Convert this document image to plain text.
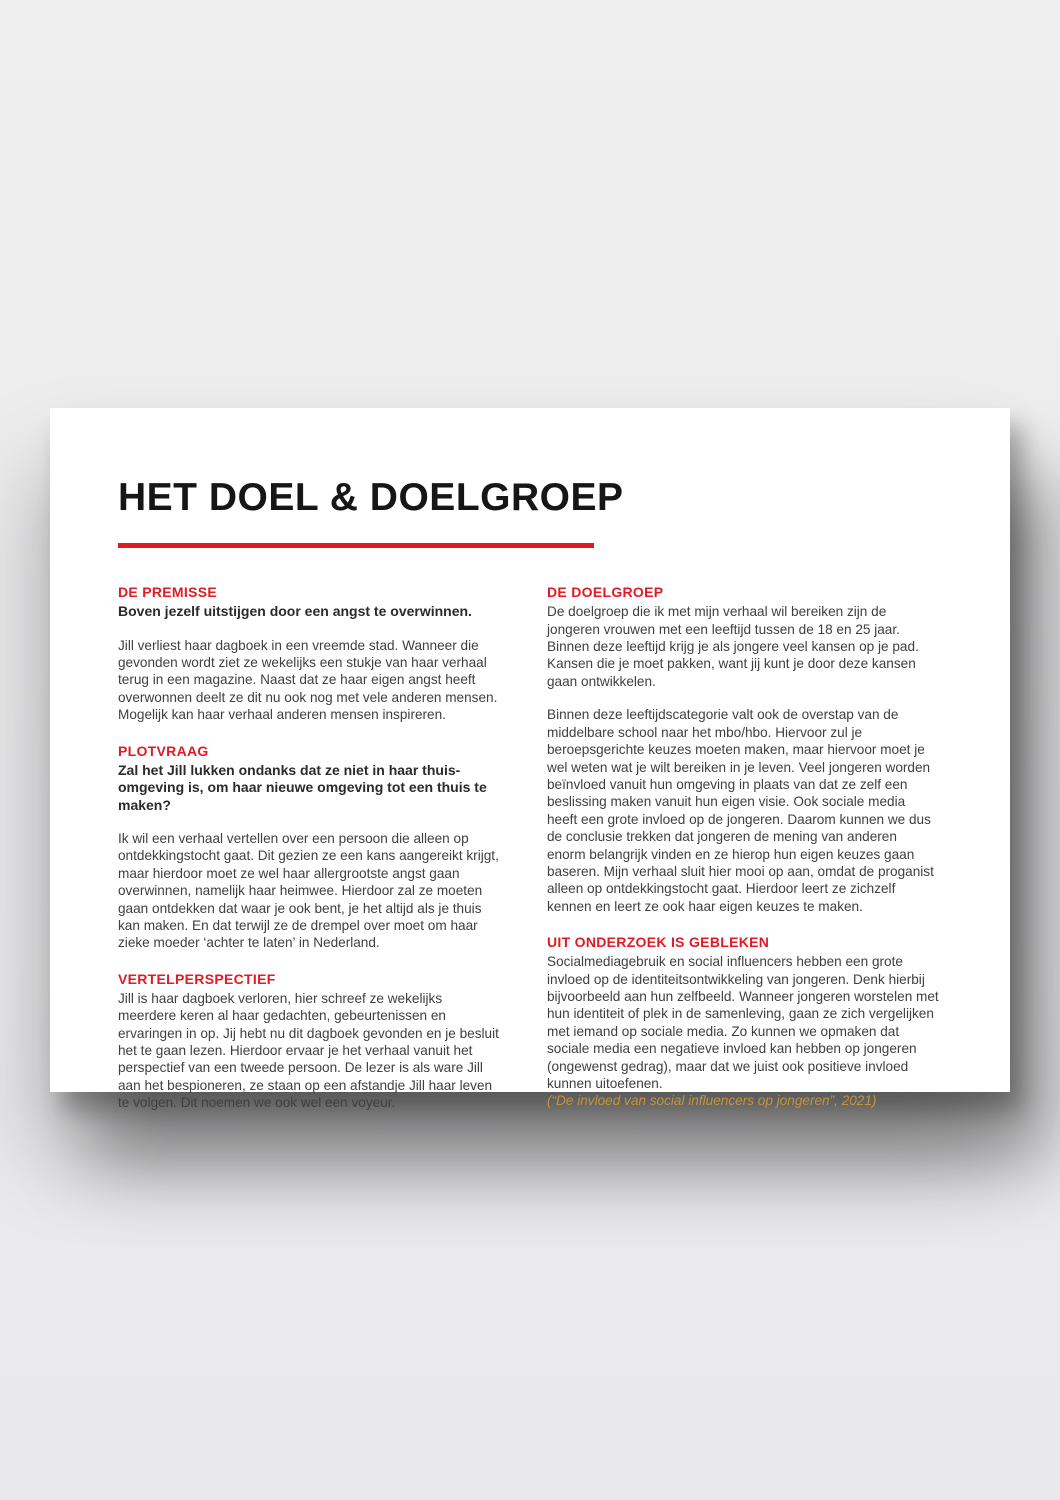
HET DOEL & DOELGROEP
DE PREMISSE

Boven jezelf uitstijgen door een angst te overwinnen.

Jill verliest haar dagboek in een vreemde stad. Wanneer die gevonden wordt ziet ze wekelijks een stukje van haar verhaal terug in een magazine. Naast dat ze haar eigen angst heeft overwonnen deelt ze dit nu ook nog met vele anderen mensen. Mogelijk kan haar verhaal anderen mensen inspireren.

PLOTVRAAG

Zal het Jill lukken ondanks dat ze niet in haar thuis-omgeving is, om haar nieuwe omgeving tot een thuis te maken?

Ik wil een verhaal vertellen over een persoon die alleen op ontdekkingstocht gaat. Dit gezien ze een kans aangereikt krijgt, maar hierdoor moet ze wel haar allergrootste angst gaan overwinnen, namelijk haar heimwee. Hierdoor zal ze moeten gaan ontdekken dat waar je ook bent, je het altijd als je thuis kan maken. En dat terwijl ze de drempel over moet om haar zieke moeder ‘achter te laten’ in Nederland.

VERTELPERSPECTIEF

Jill is haar dagboek verloren, hier schreef ze wekelijks meerdere keren al haar gedachten, gebeurtenissen en ervaringen in op. Jij hebt nu dit dagboek gevonden en je besluit het te gaan lezen. Hierdoor ervaar je het verhaal vanuit het perspectief van een tweede persoon. De lezer is als ware Jill aan het bespioneren, ze staan op een afstandje Jill haar leven te volgen. Dit noemen we ook wel een voyeur.

DE DOELGROEP

De doelgroep die ik met mijn verhaal wil bereiken zijn de jongeren vrouwen met een leeftijd tussen de 18 en 25 jaar. Binnen deze leeftijd krijg je als jongere veel kansen op je pad. Kansen die je moet pakken, want jij kunt je door deze kansen gaan ontwikkelen.

Binnen deze leeftijdscategorie valt ook de overstap van de middelbare school naar het mbo/hbo. Hiervoor zul je beroepsgerichte keuzes moeten maken, maar hiervoor moet je wel weten wat je wilt bereiken in je leven. Veel jongeren worden beïnvloed vanuit hun omgeving in plaats van dat ze zelf een beslissing maken vanuit hun eigen visie. Ook sociale media heeft een grote invloed op de jongeren. Daarom kunnen we dus de conclusie trekken dat jongeren de mening van anderen enorm belangrijk vinden en ze hierop hun eigen keuzes gaan baseren. Mijn verhaal sluit hier mooi op aan, omdat de proganist alleen op ontdekkingstocht gaat. Hierdoor leert ze zichzelf kennen en leert ze ook haar eigen keuzes te maken.

UIT ONDERZOEK IS GEBLEKEN

Socialmediagebruik en social influencers hebben een grote invloed op de identiteitsontwikkeling van jongeren. Denk hierbij bijvoorbeeld aan hun zelfbeeld. Wanneer jongeren worstelen met hun identiteit of plek in de samenleving, gaan ze zich vergelijken met iemand op sociale media. Zo kunnen we opmaken dat sociale media een negatieve invloed kan hebben op jongeren (ongewenst gedrag), maar dat we juist ook positieve invloed kunnen uitoefenen.

(“De invloed van social influencers op jongeren”, 2021)
